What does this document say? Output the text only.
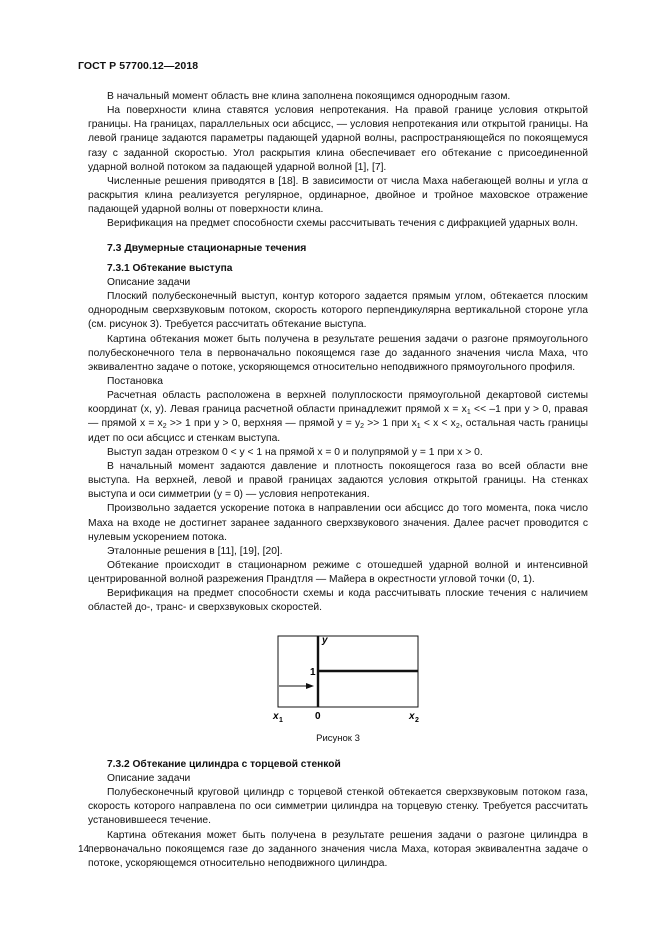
ГОСТ Р 57700.12—2018

В начальный момент область вне клина заполнена покоящимся однородным газом.

На поверхности клина ставятся условия непротекания. На правой границе условия открытой границы. На границах, параллельных оси абсцисс, — условия непротекания или открытой границы. На левой границе задаются параметры падающей ударной волны, распространяющейся по покоящемуся газу с заданной скоростью. Угол раскрытия клина обеспечивает его обтекание с присоединенной ударной волной потоком за падающей ударной волной [1], [7].

Численные решения приводятся в [18]. В зависимости от числа Маха набегающей волны и угла α раскрытия клина реализуется регулярное, ординарное, двойное и тройное маховское отражение падающей ударной волны от поверхности клина.

Верификация на предмет способности схемы рассчитывать течения с дифракцией ударных волн.

7.3 Двумерные стационарные течения
7.3.1 Обтекание выступа

Описание задачи

Плоский полубесконечный выступ, контур которого задается прямым углом, обтекается плоским однородным сверхзвуковым потоком, скорость которого перпендикулярна вертикальной стороне угла (см. рисунок 3). Требуется рассчитать обтекание выступа.

Картина обтекания может быть получена в результате решения задачи о разгоне прямоугольного полубесконечного тела в первоначально покоящемся газе до заданного значения числа Маха, что эквивалентно задаче о потоке, ускоряющемся относительно неподвижного прямоугольного профиля.

Постановка

Расчетная область расположена в верхней полуплоскости прямоугольной декартовой системы координат (x, y). Левая граница расчетной области принадлежит прямой $x = x_1 << -1$ при y > 0, правая — прямой $x = x_2 >> 1$ при y > 0, верхняя — прямой $y = y_2 >> 1$ при $x_1 < x < x_2$, остальная часть границы идет по оси абсцисс и стенкам выступа.

Выступ задан отрезком 0 < y < 1 на прямой x = 0 и полупрямой y = 1 при x > 0.

В начальный момент задаются давление и плотность покоящегося газа во всей области вне выступа. На верхней, левой и правой границах задаются условия открытой границы. На стенках выступа и оси симметрии (y = 0) — условия непротекания.

Произвольно задается ускорение потока в направлении оси абсцисс до того момента, пока число Маха на входе не достигнет заранее заданного сверхзвукового значения. Далее расчет проводится с нулевым ускорением потока.

Эталонные решения в [11], [19], [20].

Обтекание происходит в стационарном режиме с отошедшей ударной волной и интенсивной центрированной волной разрежения Прандтля — Майера в окрестности угловой точки (0, 1).

Верификация на предмет способности схемы и кода рассчитывать плоские течения с наличием областей до-, транс- и сверхзвуковых скоростей.

y
1
x 1	0	x 2
Рисунок 3
7.3.2 Обтекание цилиндра с торцевой стенкой

Описание задачи

Полубесконечный круговой цилиндр с торцевой стенкой обтекается сверхзвуковым потоком газа, скорость которого направлена по оси симметрии цилиндра на торцевую стенку. Требуется рассчитать установившееся течение.

Картина обтекания может быть получена в результате решения задачи о разгоне цилиндра в первоначально покоящемся газе до заданного значения числа Маха, которая эквивалентна задаче о потоке, ускоряющемся относительно неподвижного цилиндра.

14
